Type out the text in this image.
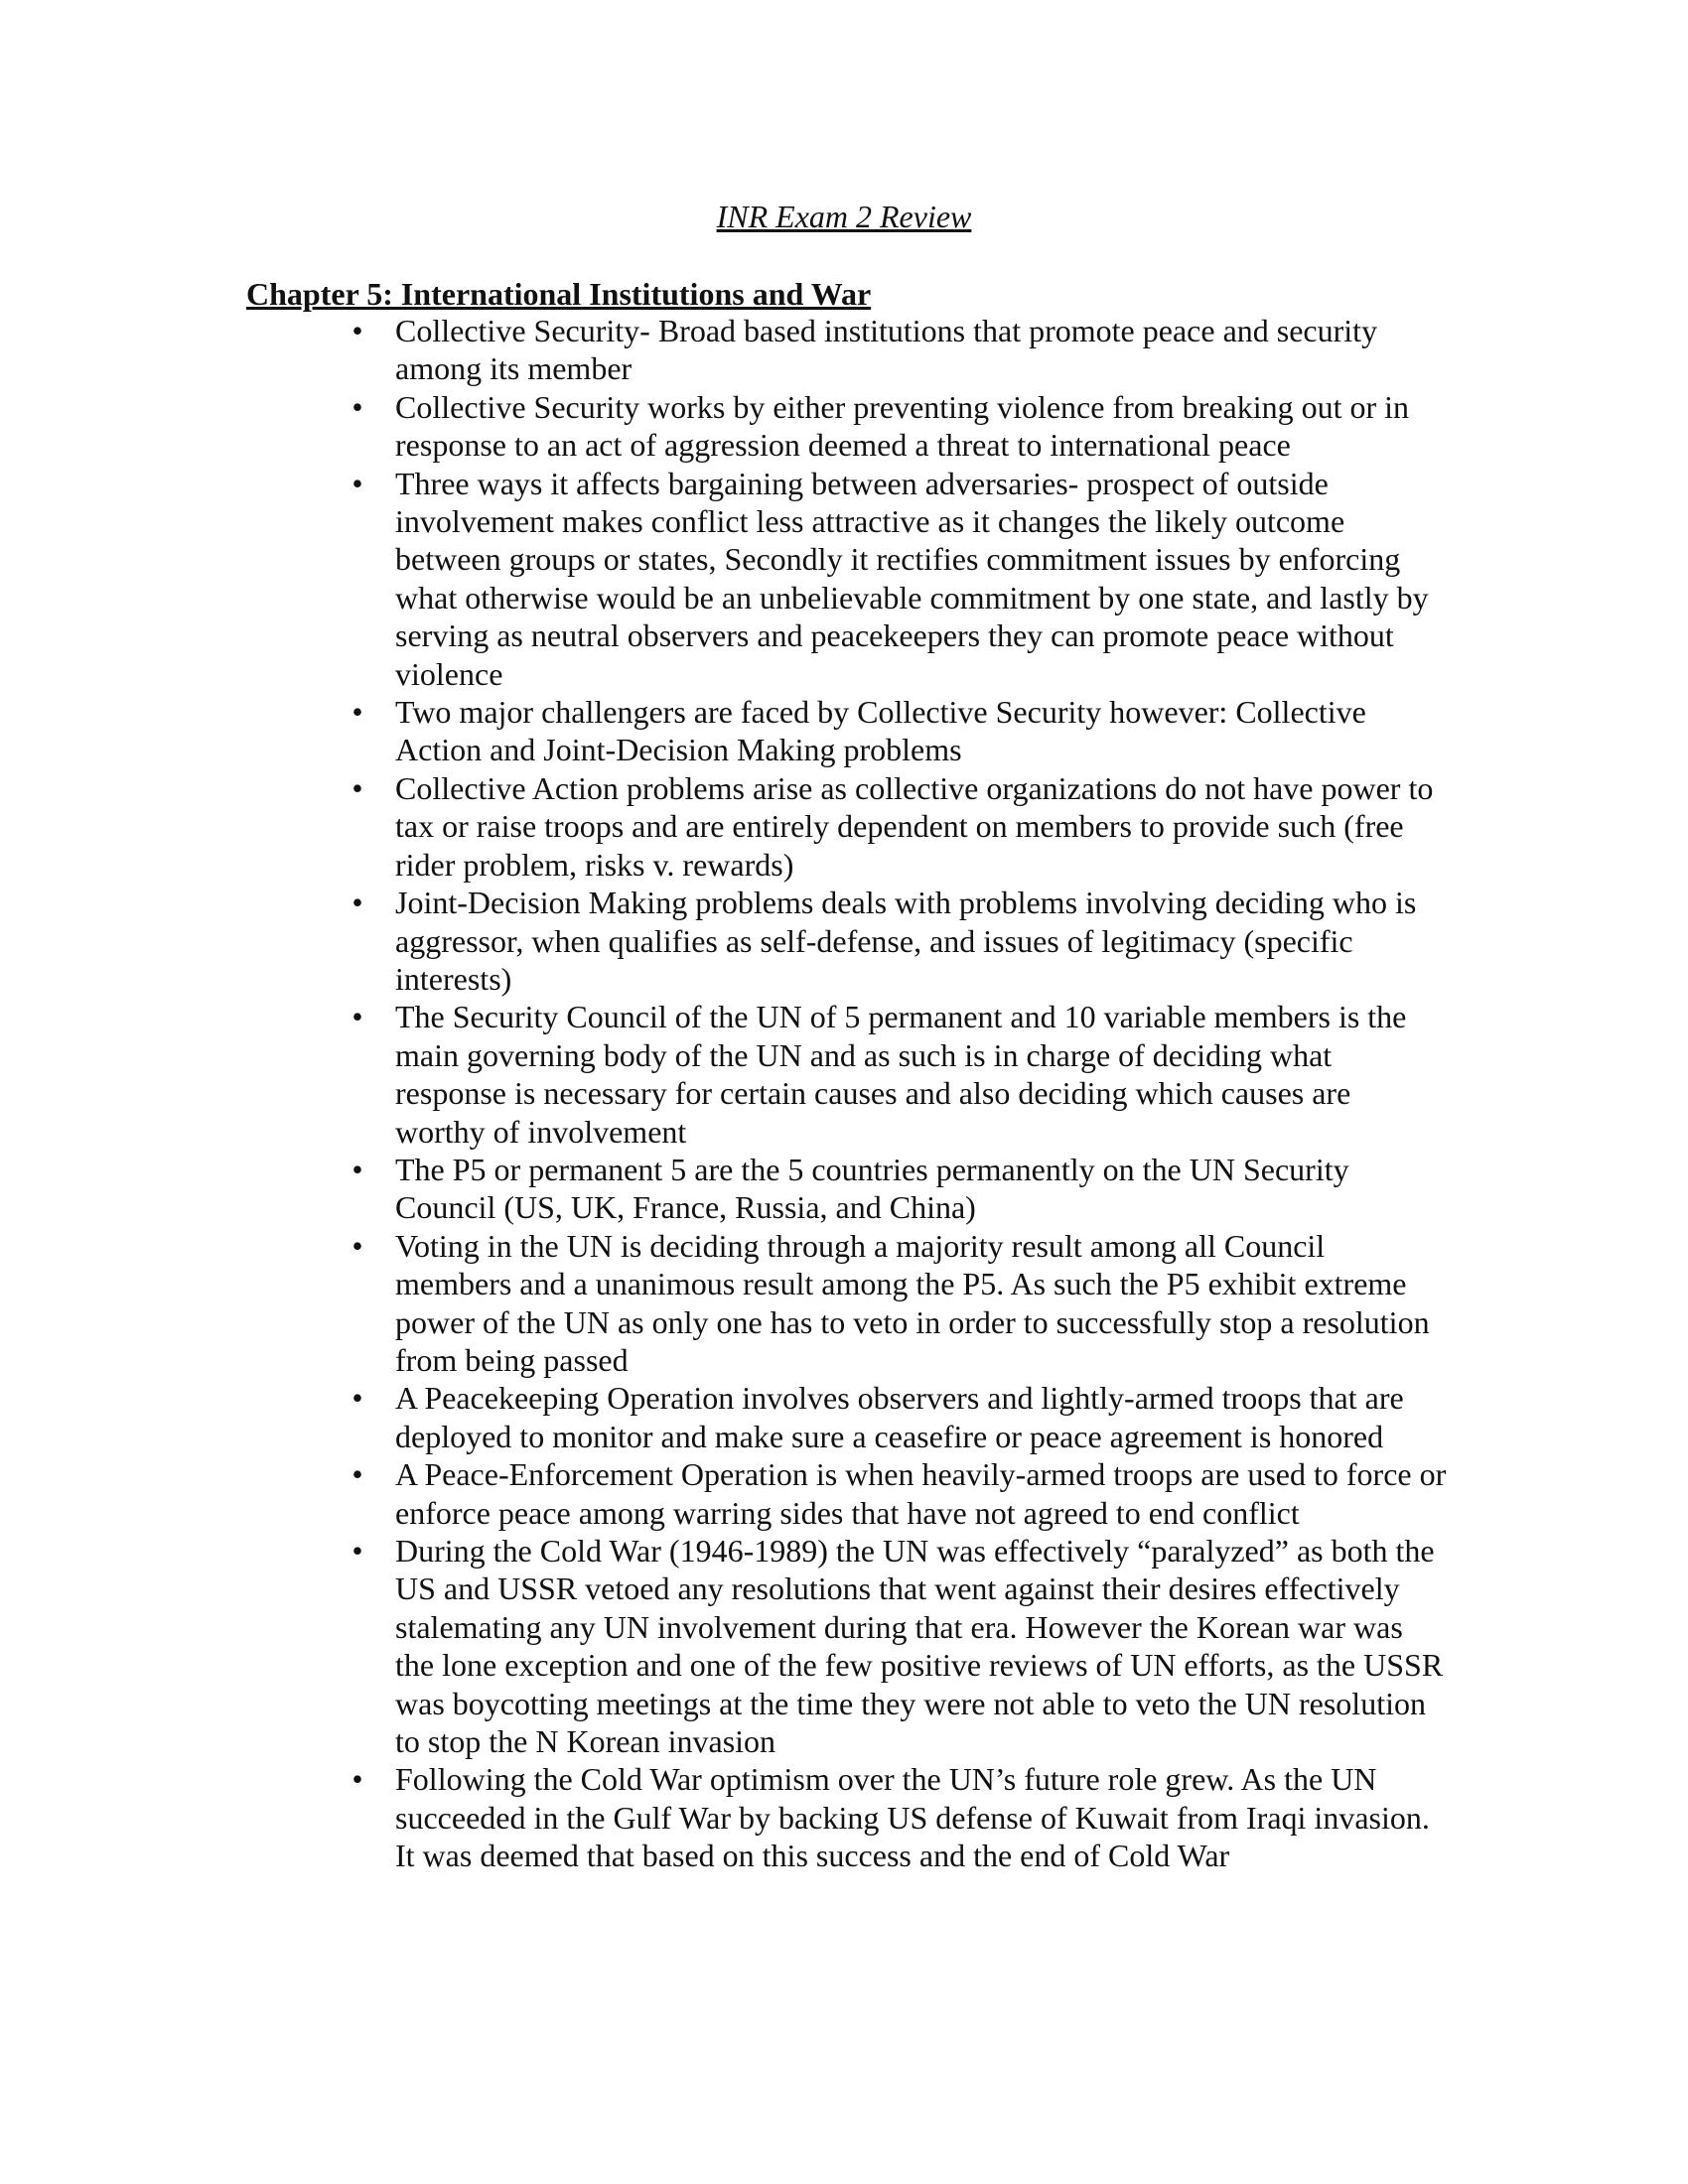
INR Exam 2 Review
Chapter 5: International Institutions and War
• Collective Security- Broad based institutions that promote peace and security among its member
• Collective Security works by either preventing violence from breaking out or in response to an act of aggression deemed a threat to international peace
• Three ways it affects bargaining between adversaries- prospect of outside involvement makes conflict less attractive as it changes the likely outcome between groups or states, Secondly it rectifies commitment issues by enforcing what otherwise would be an unbelievable commitment by one state, and lastly by serving as neutral observers and peacekeepers they can promote peace without violence
• Two major challengers are faced by Collective Security however: Collective Action and Joint-Decision Making problems
• Collective Action problems arise as collective organizations do not have power to tax or raise troops and are entirely dependent on members to provide such (free rider problem, risks v. rewards)
• Joint-Decision Making problems deals with problems involving deciding who is aggressor, when qualifies as self-defense, and issues of legitimacy (specific interests)
• The Security Council of the UN of 5 permanent and 10 variable members is the main governing body of the UN and as such is in charge of deciding what response is necessary for certain causes and also deciding which causes are worthy of involvement
• The P5 or permanent 5 are the 5 countries permanently on the UN Security Council (US, UK, France, Russia, and China)
• Voting in the UN is deciding through a majority result among all Council members and a unanimous result among the P5. As such the P5 exhibit extreme power of the UN as only one has to veto in order to successfully stop a resolution from being passed
• A Peacekeeping Operation involves observers and lightly-armed troops that are deployed to monitor and make sure a ceasefire or peace agreement is honored
• A Peace-Enforcement Operation is when heavily-armed troops are used to force or enforce peace among warring sides that have not agreed to end conflict
• During the Cold War (1946-1989) the UN was effectively “paralyzed” as both the US and USSR vetoed any resolutions that went against their desires effectively stalemating any UN involvement during that era. However the Korean war was the lone exception and one of the few positive reviews of UN efforts, as the USSR was boycotting meetings at the time they were not able to veto the UN resolution to stop the N Korean invasion
• Following the Cold War optimism over the UN’s future role grew. As the UN succeeded in the Gulf War by backing US defense of Kuwait from Iraqi invasion. It was deemed that based on this success and the end of Cold War
